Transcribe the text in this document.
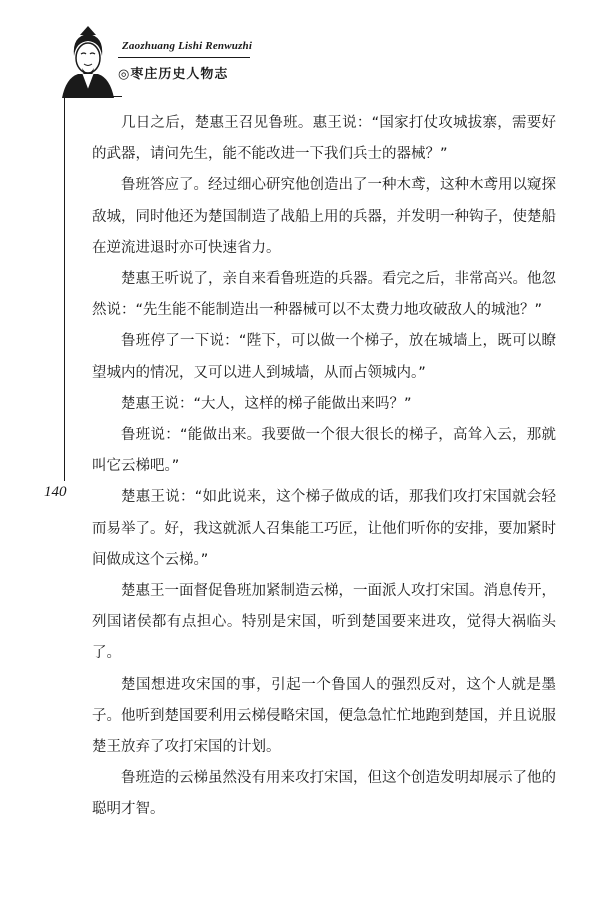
Zaozhuang Lishi Renwuzhi
◎枣庄历史人物志
140

几日之后，楚惠王召见鲁班。惠王说：“国家打仗攻城拔寨，需要好的武器，请问先生，能不能改进一下我们兵士的器械？”

鲁班答应了。经过细心研究他创造出了一种木鸢，这种木鸢用以窥探敌城，同时他还为楚国制造了战船上用的兵器，并发明一种钩子，使楚船在逆流进退时亦可快速省力。

楚惠王听说了，亲自来看鲁班造的兵器。看完之后，非常高兴。他忽然说：“先生能不能制造出一种器械可以不太费力地攻破敌人的城池？”

鲁班停了一下说：“陛下，可以做一个梯子，放在城墙上，既可以瞭望城内的情况，又可以进人到城墙，从而占领城内。”

楚惠王说：“大人，这样的梯子能做出来吗？”

鲁班说：“能做出来。我要做一个很大很长的梯子，高耸入云，那就叫它云梯吧。”

楚惠王说：“如此说来，这个梯子做成的话，那我们攻打宋国就会轻而易举了。好，我这就派人召集能工巧匠，让他们听你的安排，要加紧时间做成这个云梯。”

楚惠王一面督促鲁班加紧制造云梯，一面派人攻打宋国。消息传开，列国诸侯都有点担心。特别是宋国，听到楚国要来进攻，觉得大祸临头了。

楚国想进攻宋国的事，引起一个鲁国人的强烈反对，这个人就是墨子。他听到楚国要利用云梯侵略宋国，便急急忙忙地跑到楚国，并且说服楚王放弃了攻打宋国的计划。

鲁班造的云梯虽然没有用来攻打宋国，但这个创造发明却展示了他的聪明才智。
